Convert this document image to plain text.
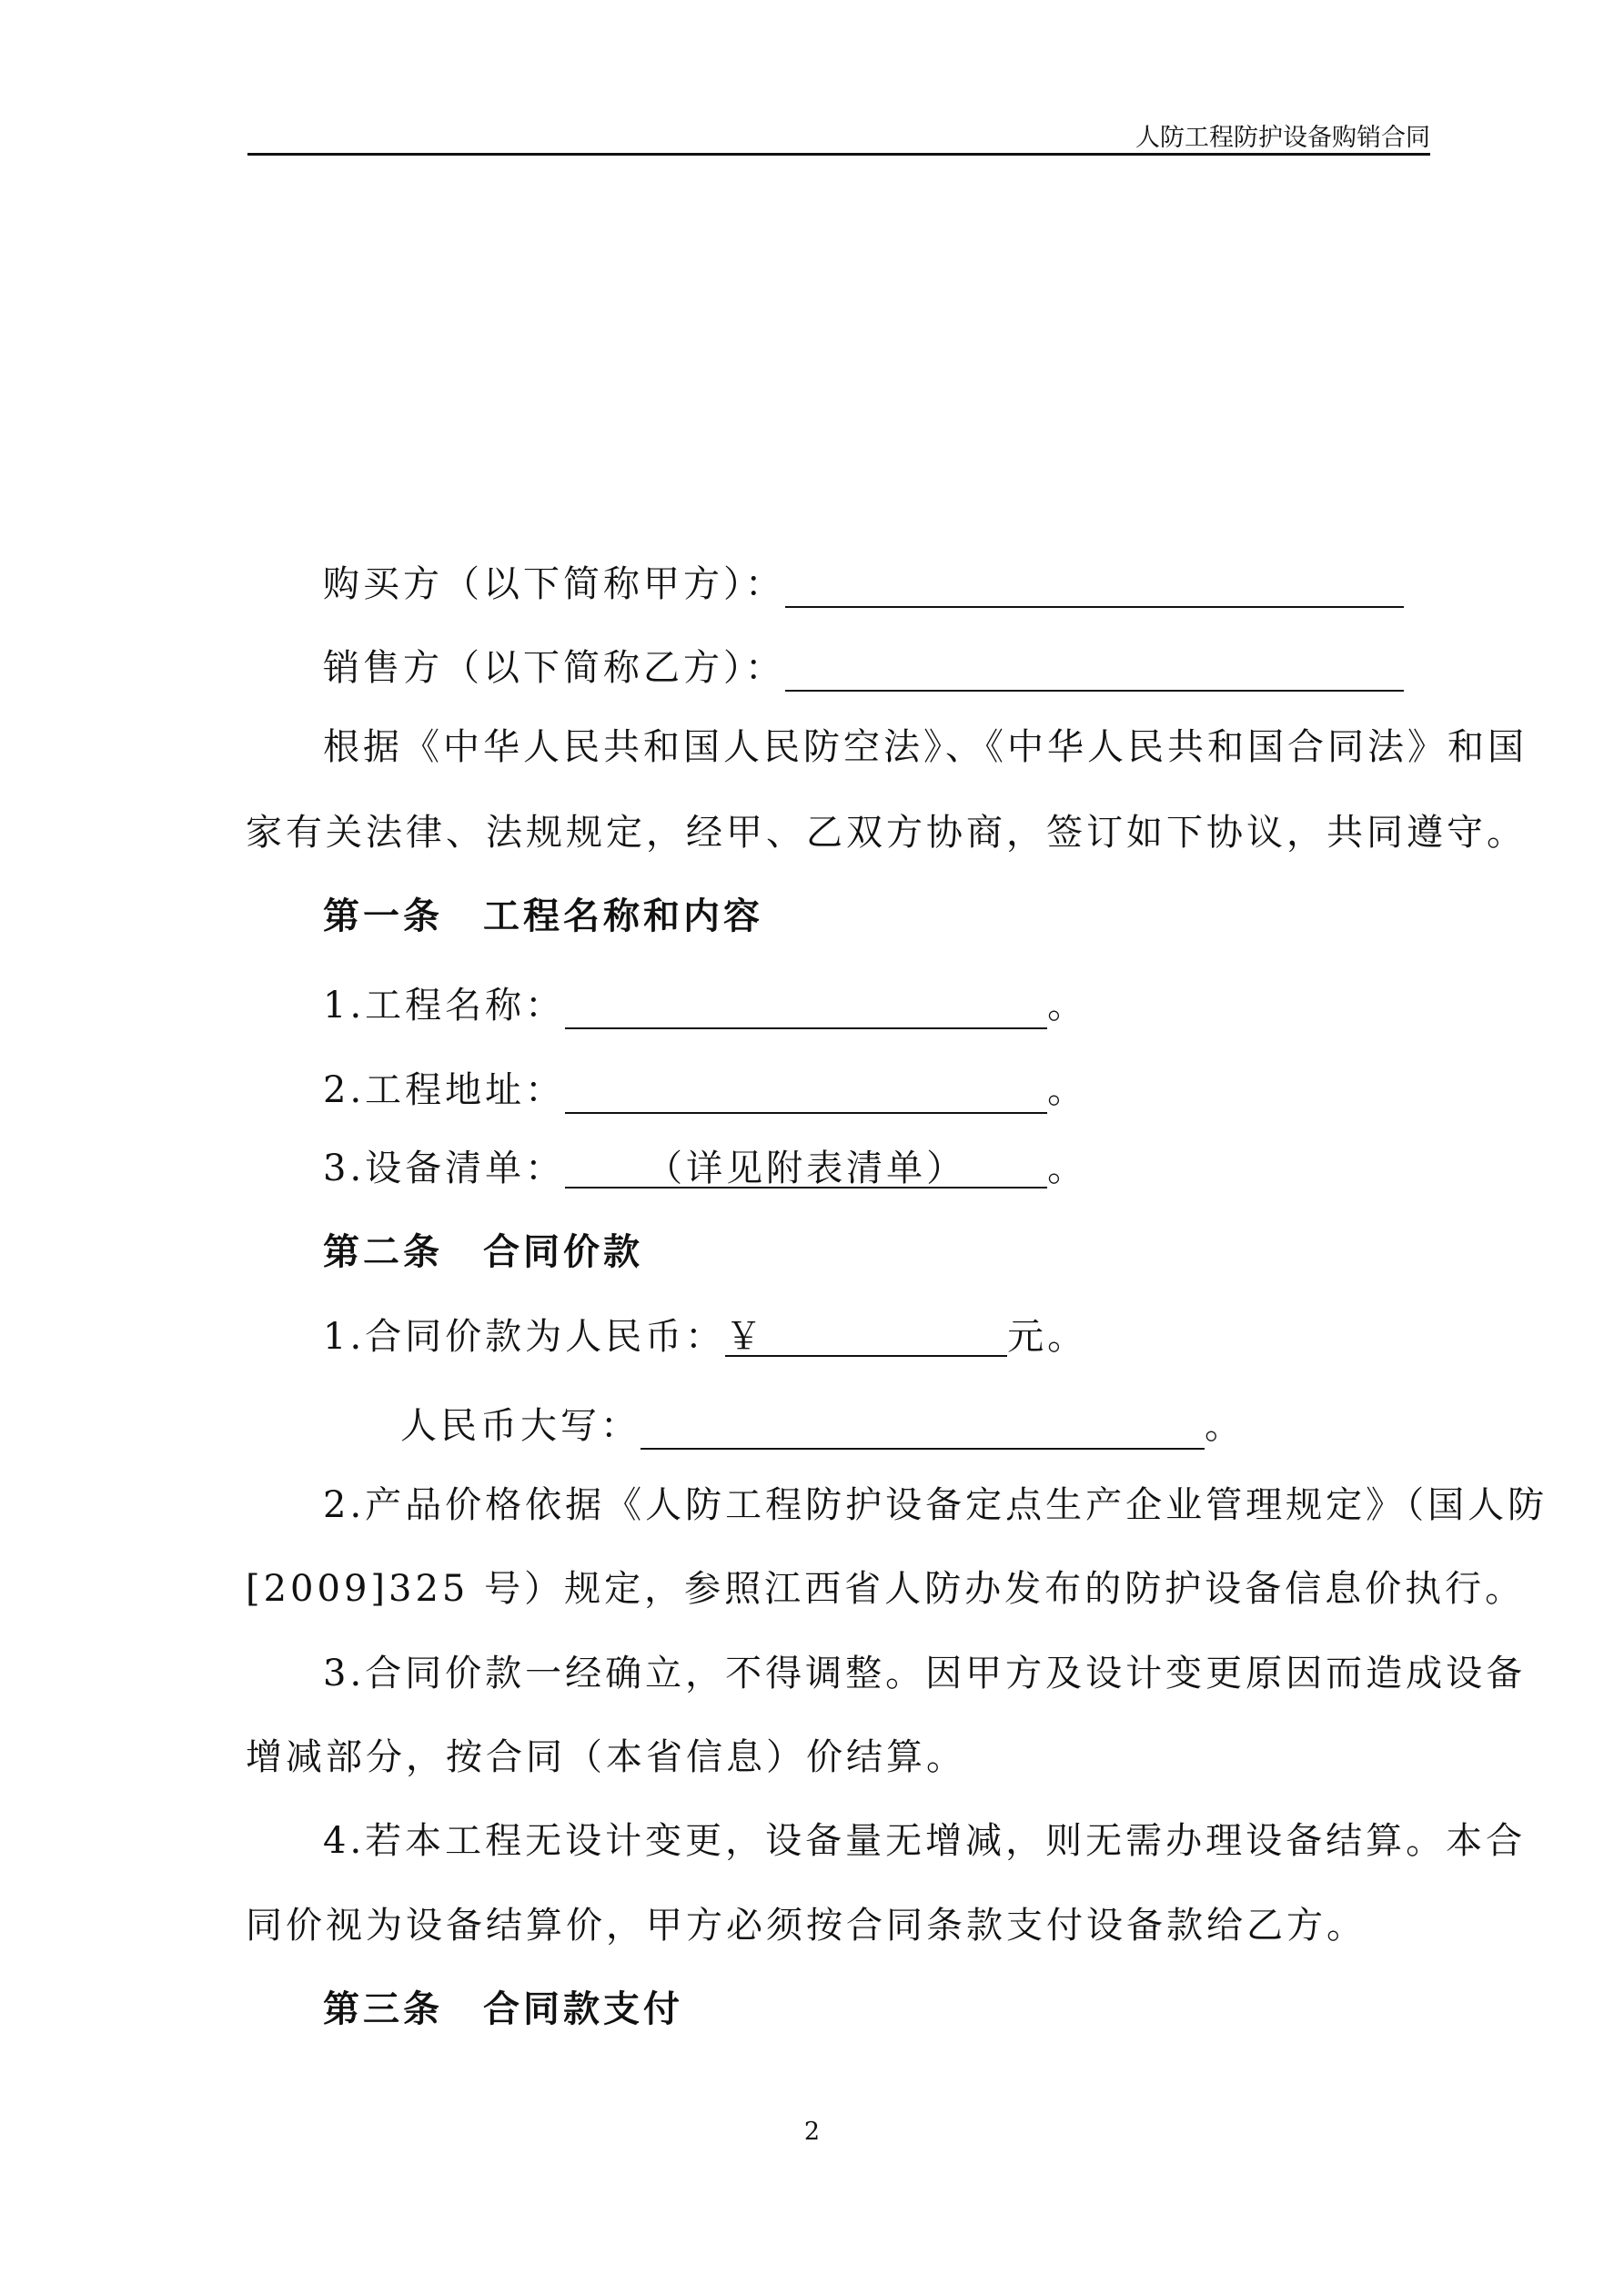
人防工程防护设备购销合同
购买方（以下简称甲方）：
销售方（以下简称乙方）：
根据《中华人民共和国人民防空法》、《中华人民共和国合同法》和国
家有关法律、法规规定，经甲、乙双方协商，签订如下协议，共同遵守。
第一条　工程名称和内容
1.工程名称：	。
2.工程地址：	。
3.设备清单： （详见附表清单） 。
第二条　合同价款
1.合同价款为人民币：￥	元。
人民币大写：	。
2.产品价格依据《人防工程防护设备定点生产企业管理规定》（国人防
[2009]325 号）规定，参照江西省人防办发布的防护设备信息价执行。
3.合同价款一经确立，不得调整。因甲方及设计变更原因而造成设备
增减部分，按合同（本省信息）价结算。
4.若本工程无设计变更，设备量无增减，则无需办理设备结算。本合
同价视为设备结算价，甲方必须按合同条款支付设备款给乙方。
第三条　合同款支付
2
